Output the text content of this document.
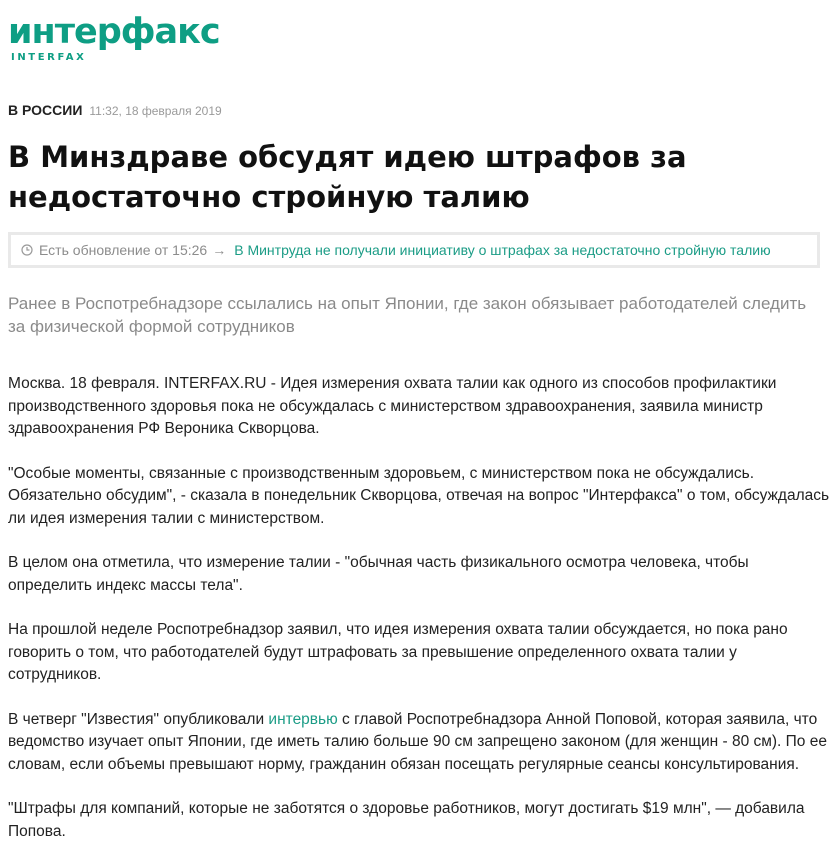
интерфакс
INTERFAX
В РОССИИ 11:32, 18 февраля 2019
В Минздраве обсудят идею штрафов за недостаточно стройную талию
Есть обновление от 15:26 → В Минтруда не получали инициативу о штрафах за недостаточно стройную талию

Ранее в Роспотребнадзоре ссылались на опыт Японии, где закон обязывает работодателей следить за физической формой сотрудников

Москва. 18 февраля. INTERFAX.RU - Идея измерения охвата талии как одного из способов профилактики производственного здоровья пока не обсуждалась с министерством здравоохранения, заявила министр здравоохранения РФ Вероника Скворцова.

"Особые моменты, связанные с производственным здоровьем, с министерством пока не обсуждались. Обязательно обсудим", - сказала в понедельник Скворцова, отвечая на вопрос "Интерфакса" о том, обсуждалась ли идея измерения талии с министерством.

В целом она отметила, что измерение талии - "обычная часть физикального осмотра человека, чтобы определить индекс массы тела".

На прошлой неделе Роспотребнадзор заявил, что идея измерения охвата талии обсуждается, но пока рано говорить о том, что работодателей будут штрафовать за превышение определенного охвата талии у сотрудников.

В четверг "Известия" опубликовали интервью с главой Роспотребнадзора Анной Поповой, которая заявила, что ведомство изучает опыт Японии, где иметь талию больше 90 см запрещено законом (для женщин - 80 см). По ее словам, если объемы превышают норму, гражданин обязан посещать регулярные сеансы консультирования.

"Штрафы для компаний, которые не заботятся о здоровье работников, могут достигать $19 млн", — добавила Попова.
